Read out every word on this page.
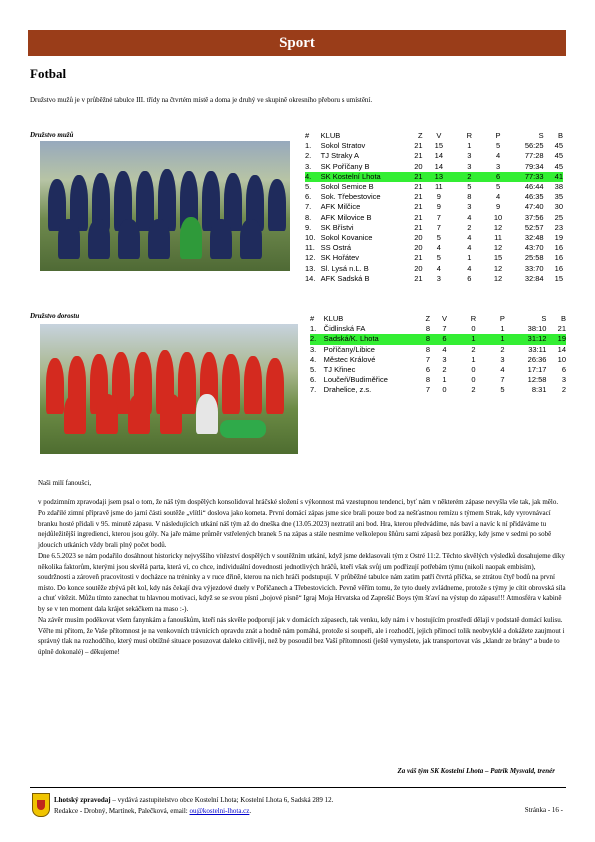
Sport
Fotbal
Družstvo mužů je v průběžné tabulce III. třídy na čtvrtém místě a doma je druhý ve skupině okresního přeboru s umístění.
Družstvo mužů	#	KLUB	Z	V	R	P	S	B
1.	Sokol Stratov	21	15	1	5	56:25	45
2.	TJ Straky A	21	14	3	4	77:28	45
3.	SK Poříčany B	20	14	3	3	79:34	45
4.	SK Kostelní Lhota	21	13	2	6	77:33	41
5.	Sokol Semice B	21	11	5	5	46:44	38
6.	Sok. Třebestovice	21	9	8	4	46:35	35
7.	AFK Milčice	21	9	3	9	47:40	30
8.	AFK Milovice B	21	7	4	10	37:56	25
9.	SK Břístvi	21	7	2	12	52:57	23
10.	Sokol Kovanice	20	5	4	11	32:48	19
11.	SS Ostrá	20	4	4	12	43:70	16
12.	SK Hořátev	21	5	1	15	25:58	16
13.	Sl. Lysá n.L. B	20	4	4	12	33:70	16
14.	AFK Sadská B	21	3	6	12	32:84	15
Družstvo dorostu	#	KLUB	Z	V	R	P	S	B
1.	Čidlinská FA	8	7	0	1	38:10	21
2.	Sadská/K. Lhota	8	6	1	1	31:12	19
3.	Poříčany/Libice	8	4	2	2	33:11	14
4.	Městec Králové	7	3	1	3	26:36	10
5.	TJ Křinec	6	2	0	4	17:17	6
6.	Loučeň/Budiměřice	8	1	0	7	12:58	3
7.	Drahelice, z.s.	7	0	2	5	8:31	2

Naši milí fanoušci,

v podzimním zpravodaji jsem psal o tom, že náš tým dospělých konsolidoval hráčské složení s výkonnost má vzestupnou tendenci, byť nám v některém zápase nevyšla vše tak, jak mělo.

Po zdařilé zimní přípravě jsme do jarní části soutěže „vlítli“ doslova jako kometa. První domácí zápas jsme sice brali pouze bod za nešťastnou remízu s týmem Strak, kdy vyrovnávací branku hosté přidali v 95. minutě zápasu. V následujících utkání náš tým až do dneška dne (13.05.2023) neztratil ani bod. Hra, kterou předvádíme, nás baví a navíc k ní přidáváme tu nejdůležitější ingredienci, kterou jsou góly. Na jaře máme průměr vstřelených branek 5 na zápas a stále nesmíme velkolepou šňůru sami zápasů bez porážky, kdy jsme v sedmi po sobě jdoucích utkáních vždy brali plný počet bodů.

Dne 6.5.2023 se nám podařilo dosáhnout historicky nejvyššího vítězství dospělých v soutěžním utkání, když jsme deklasovali tým z Ostré 11:2. Těchto skvělých výsledků dosahujeme díky několika faktorům, kterými jsou skvělá parta, která ví, co chce, individuální dovednosti jednotlivých hráčů, kteří však svůj um podřizují potřebám týmu (nikoli naopak embisím), soudržnosti a zároveň pracovitosti v docházce na tréninky a v ruce dřině, kterou na nich hráči podstupují. V průběžné tabulce nám zatím patří čtvrtá příčka, se ztrátou čtyř bodů na první místo. Do konce soutěže zbývá pět kol, kdy nás čekají dva výjezdové duely v Poříčanech a Třebestovicích. Pevně věřím tomu, že tyto duely zvládneme, protože s týmy je cítit obrovská síla a chuť vítězit. Můžu tímto zanechat tu hlavnou motivaci, když se se svou písní „bojové písně“ Igraj Moja Hrvatska od Zaprešić Boys tým šťaví na výstup do zápasu!!! Atmosféra v kabině by se v ten moment dala krájet sekáčkem na maso :-).

Na závěr musím poděkovat všem fanynkám a fanouškům, kteří nás skvěle podporují jak v domácích zápasech, tak venku, kdy nám i v hostujícím prostředí dělají v podstatě domácí kulisu. Věřte mi přitom, že Vaše přítomnost je na venkovních trávnících opravdu znát a hodně nám pomáhá, protože si soupeři, ale i rozhodčí, jejich přímocí tolik neobvyklé a dokážete zaujmout i správný tlak na rozhodčího, který musí obtížné situace posuzovat daleko citlivěji, než by posoudil bez Vaší přítomnosti (ještě vymyslete, jak transportovat vás „klandr ze brány“ a bude to úplně dokonalé) – děkujeme!

Za váš tým SK Kostelní Lhota – Patrik Mysvald, trenér
Lhotský zpravodaj – vydává zastupitelstvo obce Kostelní Lhota; Kostelní Lhota 6, Sadská 289 12.
Redakce - Drobný, Martínek, Palečková, email: ou@kostelni-lhota.cz.	Stránka - 16 -
